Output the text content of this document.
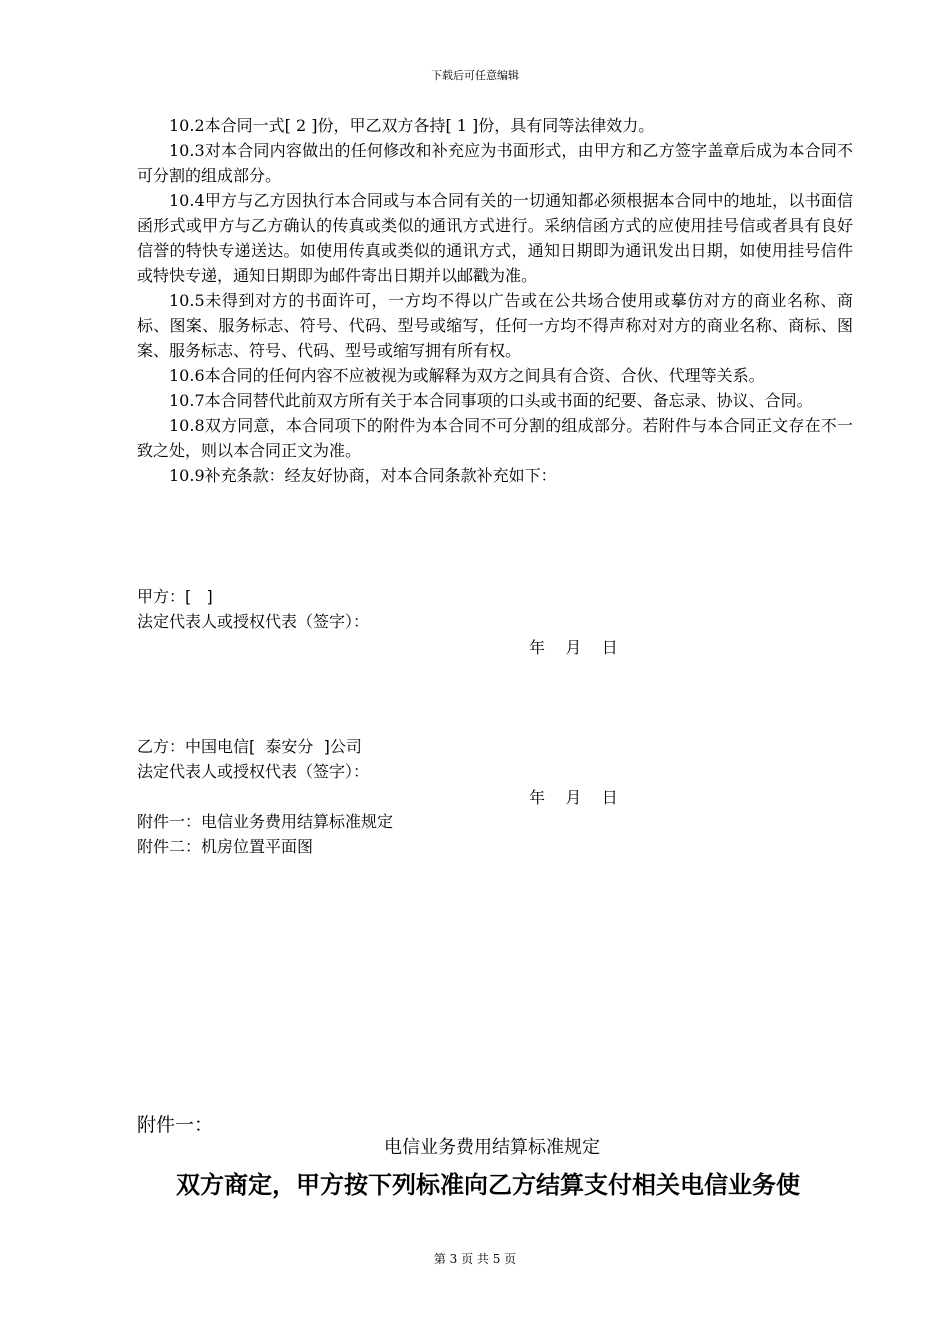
下载后可任意编辑

10.2本合同一式[ 2 ]份，甲乙双方各持[ 1 ]份，具有同等法律效力。

10.3对本合同内容做出的任何修改和补充应为书面形式，由甲方和乙方签字盖章后成为本合同不可分割的组成部分。

10.4甲方与乙方因执行本合同或与本合同有关的一切通知都必须根据本合同中的地址，以书面信函形式或甲方与乙方确认的传真或类似的通讯方式进行。采纳信函方式的应使用挂号信或者具有良好信誉的特快专递送达。如使用传真或类似的通讯方式，通知日期即为通讯发出日期，如使用挂号信件或特快专递，通知日期即为邮件寄出日期并以邮戳为准。

10.5未得到对方的书面许可，一方均不得以广告或在公共场合使用或摹仿对方的商业名称、商标、图案、服务标志、符号、代码、型号或缩写，任何一方均不得声称对对方的商业名称、商标、图案、服务标志、符号、代码、型号或缩写拥有所有权。

10.6本合同的任何内容不应被视为或解释为双方之间具有合资、合伙、代理等关系。

10.7本合同替代此前双方所有关于本合同事项的口头或书面的纪要、备忘录、协议、合同。

10.8双方同意，本合同项下的附件为本合同不可分割的组成部分。若附件与本合同正文存在不一致之处，则以本合同正文为准。

10.9补充条款：经友好协商，对本合同条款补充如下：

甲方：[   ]
法定代表人或授权代表（签字）：
年    月    日
乙方：中国电信[  泰安分  ]公司
法定代表人或授权代表（签字）：
年    月    日
附件一：电信业务费用结算标准规定
附件二：机房位置平面图
附件一：
电信业务费用结算标准规定
双方商定，甲方按下列标准向乙方结算支付相关电信业务使
第 3 页 共 5 页
